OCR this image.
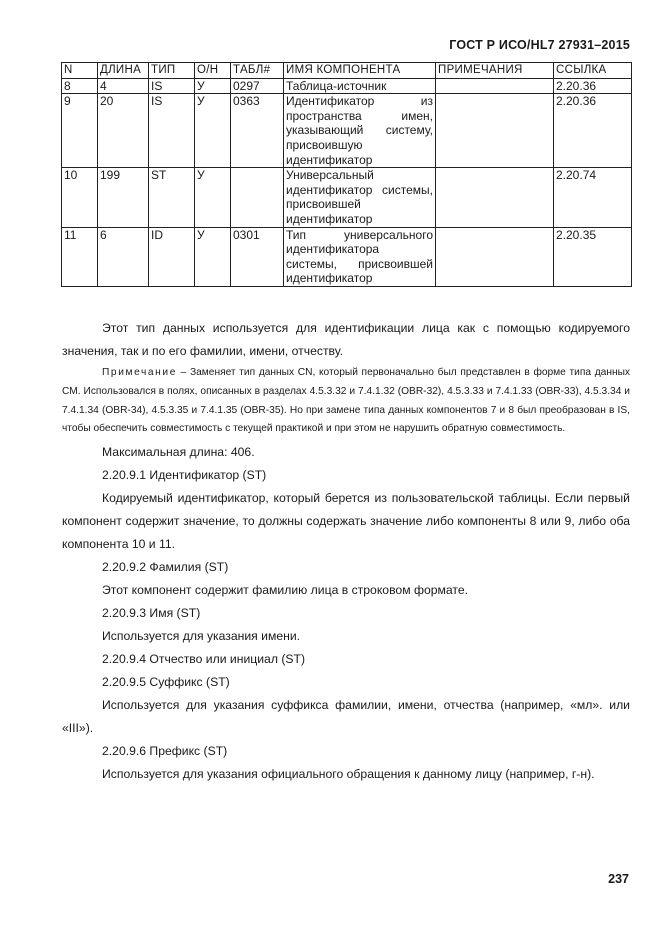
ГОСТ Р ИСО/HL7 27931–2015
N	ДЛИНА	ТИП	О/Н	ТАБЛ#	ИМЯ КОМПОНЕНТА	ПРИМЕЧАНИЯ	ССЫЛКА
8	4	IS	У	0297	Таблица-источник		2.20.36
9	20	IS	У	0363	Идентификатор из пространства имен, указывающий систему, присвоившую идентификатор		2.20.36
10	199	ST	У		Универсальный идентификатор системы, присвоившей идентификатор		2.20.74
11	6	ID	У	0301	Тип универсального идентификатора системы, присвоившей идентификатор		2.20.35

Этот тип данных используется для идентификации лица как с помощью кодируемого значения, так и по его фамилии, имени, отчеству.

Примечание – Заменяет тип данных CN, который первоначально был представлен в форме типа данных СМ. Использовался в полях, описанных в разделах 4.5.3.32 и 7.4.1.32 (OBR-32), 4.5.3.33 и 7.4.1.33 (OBR-33), 4.5.3.34 и 7.4.1.34 (OBR-34), 4.5.3.35 и 7.4.1.35 (OBR-35). Но при замене типа данных компонентов 7 и 8 был преобразован в IS, чтобы обеспечить совместимость с текущей практикой и при этом не нарушить обратную совместимость.

Максимальная длина: 406.

2.20.9.1 Идентификатор (ST)

Кодируемый идентификатор, который берется из пользовательской таблицы. Если первый компонент содержит значение, то должны содержать значение либо компоненты 8 или 9, либо оба компонента 10 и 11.

2.20.9.2 Фамилия (ST)

Этот компонент содержит фамилию лица в строковом формате.

2.20.9.3 Имя (ST)

Используется для указания имени.

2.20.9.4 Отчество или инициал (ST)

2.20.9.5 Суффикс (ST)

Используется для указания суффикса фамилии, имени, отчества (например, «мл». или «III»).

2.20.9.6 Префикс (ST)

Используется для указания официального обращения к данному лицу (например, г-н).

237
